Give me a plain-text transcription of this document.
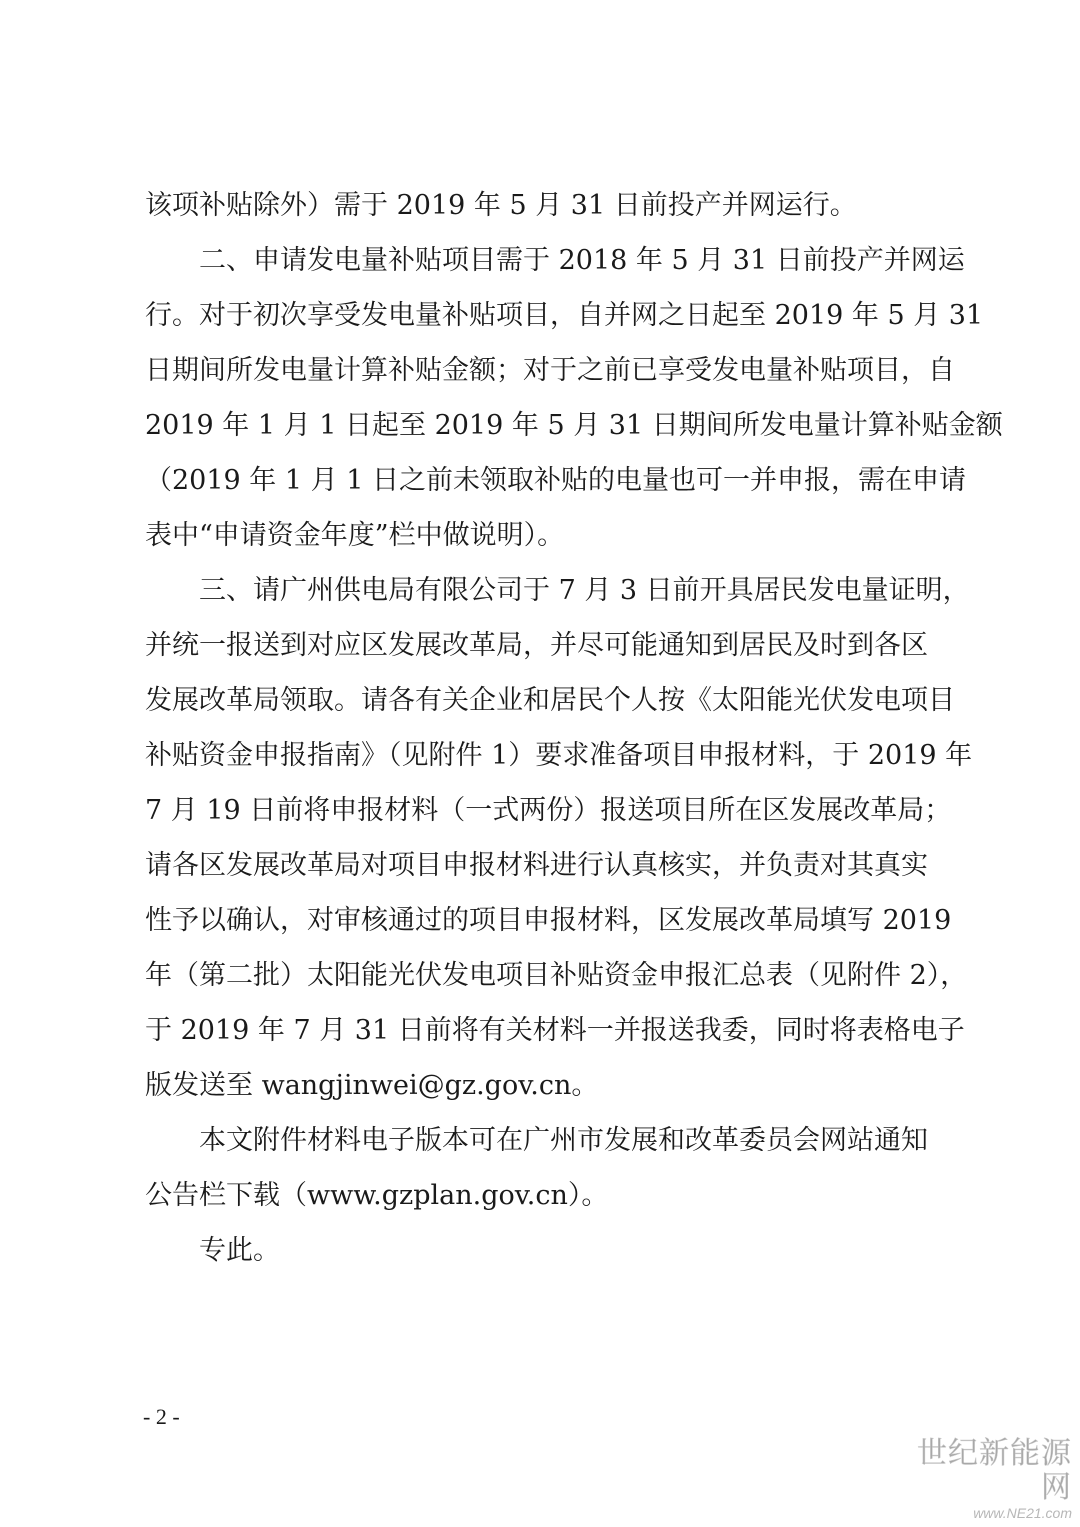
该项补贴除外）需于 2019 年 5 月 31 日前投产并网运行。
　　二、申请发电量补贴项目需于 2018 年 5 月 31 日前投产并网运
行。对于初次享受发电量补贴项目，自并网之日起至 2019 年 5 月 31
日期间所发电量计算补贴金额；对于之前已享受发电量补贴项目，自
2019 年 1 月 1 日起至 2019 年 5 月 31 日期间所发电量计算补贴金额
（2019 年 1 月 1 日之前未领取补贴的电量也可一并申报，需在申请
表中“申请资金年度”栏中做说明）。
　　三、请广州供电局有限公司于 7 月 3 日前开具居民发电量证明，
并统一报送到对应区发展改革局，并尽可能通知到居民及时到各区
发展改革局领取。请各有关企业和居民个人按《太阳能光伏发电项目
补贴资金申报指南》（见附件 1）要求准备项目申报材料，于 2019 年
7 月 19 日前将申报材料（一式两份）报送项目所在区发展改革局；
请各区发展改革局对项目申报材料进行认真核实，并负责对其真实
性予以确认，对审核通过的项目申报材料，区发展改革局填写 2019
年（第二批）太阳能光伏发电项目补贴资金申报汇总表（见附件 2），
于 2019 年 7 月 31 日前将有关材料一并报送我委，同时将表格电子
版发送至 wangjinwei@gz.gov.cn。
　　本文附件材料电子版本可在广州市发展和改革委员会网站通知
公告栏下载（www.gzplan.gov.cn）。
　　专此。
- 2 -
世纪新能源网
www.NE21.com
